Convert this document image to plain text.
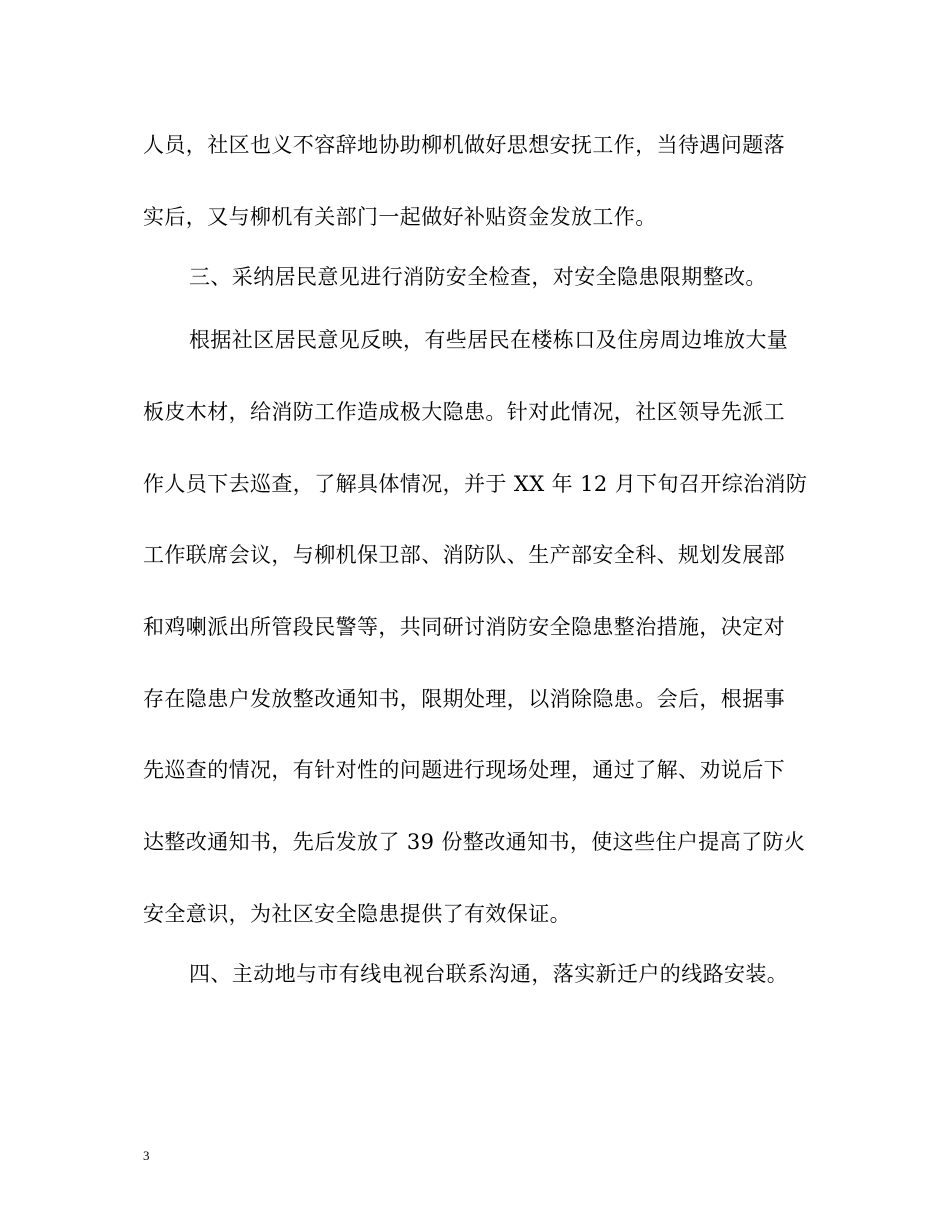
人员，社区也义不容辞地协助柳机做好思想安抚工作，当待遇问题落
实后，又与柳机有关部门一起做好补贴资金发放工作。
三、采纳居民意见进行消防安全检查，对安全隐患限期整改。
根据社区居民意见反映，有些居民在楼栋口及住房周边堆放大量
板皮木材，给消防工作造成极大隐患。针对此情况，社区领导先派工
作人员下去巡查，了解具体情况，并于 XX 年 12 月下旬召开综治消防
工作联席会议，与柳机保卫部、消防队、生产部安全科、规划发展部
和鸡喇派出所管段民警等，共同研讨消防安全隐患整治措施，决定对
存在隐患户发放整改通知书，限期处理，以消除隐患。会后，根据事
先巡查的情况，有针对性的问题进行现场处理，通过了解、劝说后下
达整改通知书，先后发放了 39 份整改通知书，使这些住户提高了防火
安全意识，为社区安全隐患提供了有效保证。
四、主动地与市有线电视台联系沟通，落实新迁户的线路安装。
3
